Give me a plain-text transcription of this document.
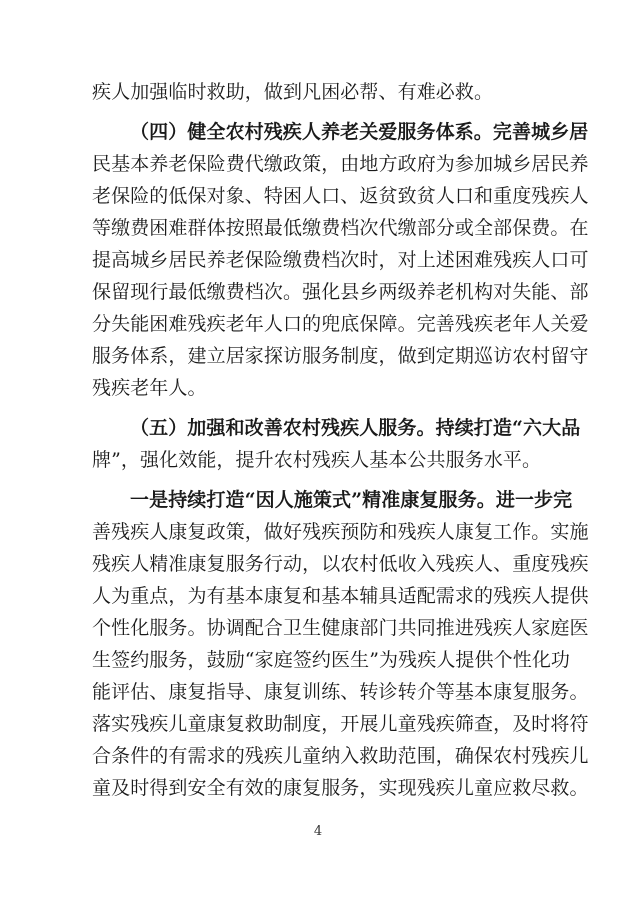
疾人加强临时救助，做到凡困必帮、有难必救。
（四）健全农村残疾人养老关爱服务体系。完善城乡居
民基本养老保险费代缴政策，由地方政府为参加城乡居民养
老保险的低保对象、特困人口、返贫致贫人口和重度残疾人
等缴费困难群体按照最低缴费档次代缴部分或全部保费。在
提高城乡居民养老保险缴费档次时，对上述困难残疾人口可
保留现行最低缴费档次。强化县乡两级养老机构对失能、部
分失能困难残疾老年人口的兜底保障。完善残疾老年人关爱
服务体系，建立居家探访服务制度，做到定期巡访农村留守
残疾老年人。
（五）加强和改善农村残疾人服务。持续打造“六大品
牌”，强化效能，提升农村残疾人基本公共服务水平。
一是持续打造“因人施策式”精准康复服务。进一步完
善残疾人康复政策，做好残疾预防和残疾人康复工作。实施
残疾人精准康复服务行动，以农村低收入残疾人、重度残疾
人为重点，为有基本康复和基本辅具适配需求的残疾人提供
个性化服务。协调配合卫生健康部门共同推进残疾人家庭医
生签约服务，鼓励“家庭签约医生”为残疾人提供个性化功
能评估、康复指导、康复训练、转诊转介等基本康复服务。
落实残疾儿童康复救助制度，开展儿童残疾筛查，及时将符
合条件的有需求的残疾儿童纳入救助范围，确保农村残疾儿
童及时得到安全有效的康复服务，实现残疾儿童应救尽救。
4
